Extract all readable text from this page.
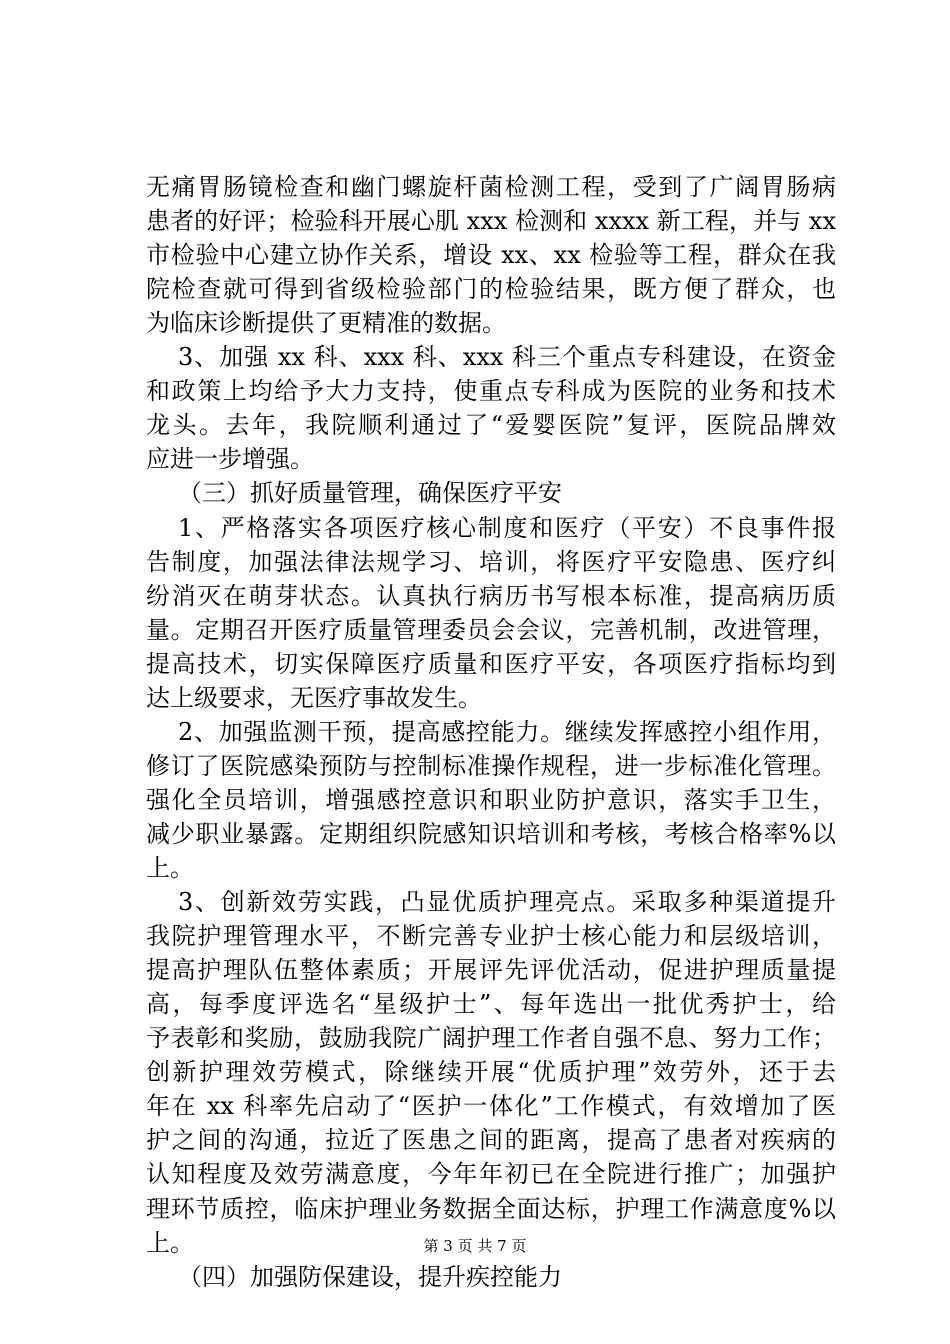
无痛胃肠镜检查和幽门螺旋杆菌检测工程，受到了广阔胃肠病
患者的好评；检验科开展心肌 xxx 检测和 xxxx 新工程，并与 xx
市检验中心建立协作关系，增设 xx、xx 检验等工程，群众在我
院检查就可得到省级检验部门的检验结果，既方便了群众，也
为临床诊断提供了更精准的数据。
3、加强 xx 科、xxx 科、xxx 科三个重点专科建设，在资金
和政策上均给予大力支持，使重点专科成为医院的业务和技术
龙头。去年，我院顺利通过了“爱婴医院”复评，医院品牌效
应进一步增强。
（三）抓好质量管理，确保医疗平安
1、严格落实各项医疗核心制度和医疗（平安）不良事件报
告制度，加强法律法规学习、培训，将医疗平安隐患、医疗纠
纷消灭在萌芽状态。认真执行病历书写根本标准，提高病历质
量。定期召开医疗质量管理委员会会议，完善机制，改进管理，
提高技术，切实保障医疗质量和医疗平安，各项医疗指标均到
达上级要求，无医疗事故发生。
2、加强监测干预，提高感控能力。继续发挥感控小组作用，
修订了医院感染预防与控制标准操作规程，进一步标准化管理。
强化全员培训，增强感控意识和职业防护意识，落实手卫生，
减少职业暴露。定期组织院感知识培训和考核，考核合格率%以
上。
3、创新效劳实践，凸显优质护理亮点。采取多种渠道提升
我院护理管理水平，不断完善专业护士核心能力和层级培训，
提高护理队伍整体素质；开展评先评优活动，促进护理质量提
高，每季度评选名“星级护士”、每年选出一批优秀护士，给
予表彰和奖励，鼓励我院广阔护理工作者自强不息、努力工作；
创新护理效劳模式，除继续开展“优质护理”效劳外，还于去
年在 xx 科率先启动了“医护一体化”工作模式，有效增加了医
护之间的沟通，拉近了医患之间的距离，提高了患者对疾病的
认知程度及效劳满意度，今年年初已在全院进行推广；加强护
理环节质控，临床护理业务数据全面达标，护理工作满意度%以
上。
（四）加强防保建设，提升疾控能力
第 3 页 共 7 页
